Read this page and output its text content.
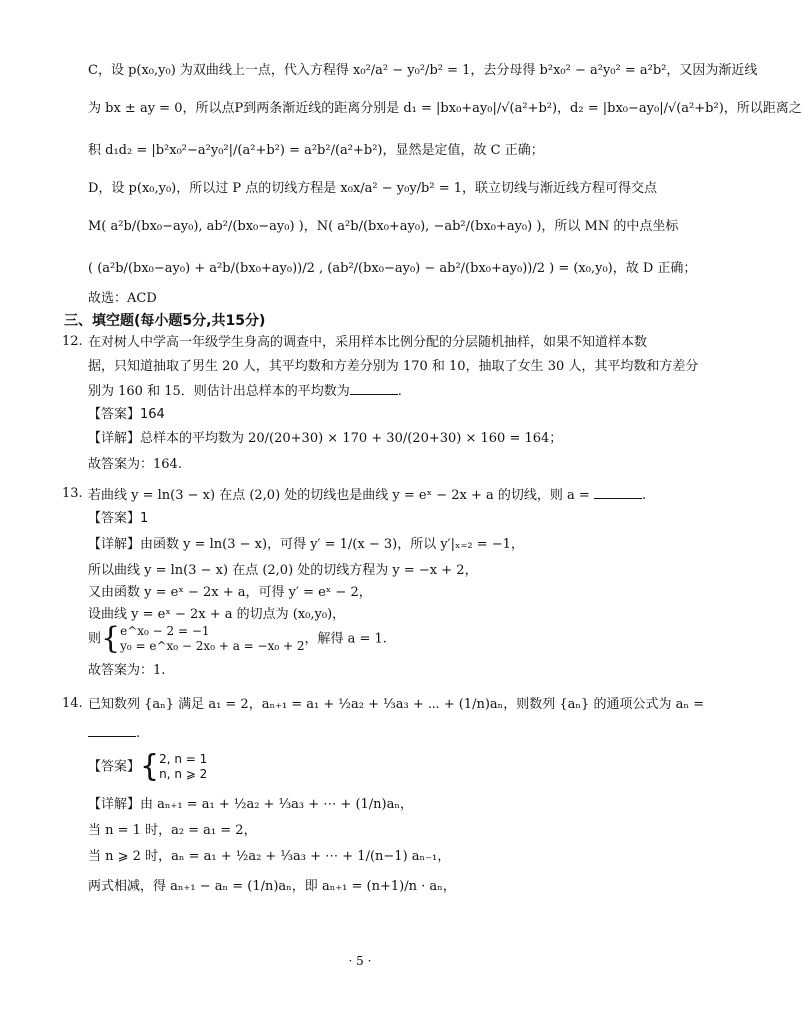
C，设 p(x₀,y₀) 为双曲线上一点，代入方程得 x₀²/a² − y₀²/b² = 1，去分母得 b²x₀² − a²y₀² = a²b²，又因为渐近线
为 bx ± ay = 0，所以点P到两条渐近线的距离分别是 d₁ = |bx₀+ay₀|/√(a²+b²)，d₂ = |bx₀−ay₀|/√(a²+b²)，所以距离之
积 d₁d₂ = |b²x₀²−a²y₀²|/(a²+b²) = a²b²/(a²+b²)，显然是定值，故 C 正确；
D，设 p(x₀,y₀)，所以过 P 点的切线方程是 x₀x/a² − y₀y/b² = 1，联立切线与渐近线方程可得交点
M( a²b/(bx₀−ay₀), ab²/(bx₀−ay₀) )，N( a²b/(bx₀+ay₀), −ab²/(bx₀+ay₀) )，所以 MN 的中点坐标
( (a²b/(bx₀−ay₀) + a²b/(bx₀+ay₀))/2 , (ab²/(bx₀−ay₀) − ab²/(bx₀+ay₀))/2 ) = (x₀,y₀)，故 D 正确；
故选：ACD
三、填空题(每小题5分,共15分)
12. 在对树人中学高一年级学生身高的调查中，采用样本比例分配的分层随机抽样，如果不知道样本数
据，只知道抽取了男生 20 人，其平均数和方差分别为 170 和 10，抽取了女生 30 人，其平均数和方差分
别为 160 和 15．则估计出总样本的平均数为	.
【答案】164
【详解】总样本的平均数为 20/(20+30) × 170 + 30/(20+30) × 160 = 164；
故答案为：164.
13. 若曲线 y = ln(3 − x) 在点 (2,0) 处的切线也是曲线 y = eˣ − 2x + a 的切线，则 a =	.
【答案】1
【详解】由函数 y = ln(3 − x)，可得 y′ = 1/(x − 3)，所以 y′|ₓ₌₂ = −1，
所以曲线 y = ln(3 − x) 在点 (2,0) 处的切线方程为 y = −x + 2，
又由函数 y = eˣ − 2x + a，可得 y′ = eˣ − 2，
设曲线 y = eˣ − 2x + a 的切点为 (x₀,y₀)，
则{ e^x₀ − 2 = −1
y₀ = e^x₀ − 2x₀ + a = −x₀ + 2 ，解得 a = 1.
故答案为：1.
14. 已知数列 {aₙ} 满足 a₁ = 2，aₙ₊₁ = a₁ + ½a₂ + ⅓a₃ + ⋯ + (1/n)aₙ，则数列 {aₙ} 的通项公式为 aₙ =
.
【答案】{ 2, n = 1
n, n ⩾ 2
【详解】由 aₙ₊₁ = a₁ + ½a₂ + ⅓a₃ + ⋯ + (1/n)aₙ，
当 n = 1 时，a₂ = a₁ = 2，
当 n ⩾ 2 时，aₙ = a₁ + ½a₂ + ⅓a₃ + ⋯ + 1/(n−1) aₙ₋₁，
两式相减，得 aₙ₊₁ − aₙ = (1/n)aₙ，即 aₙ₊₁ = (n+1)/n · aₙ，
· 5 ·
